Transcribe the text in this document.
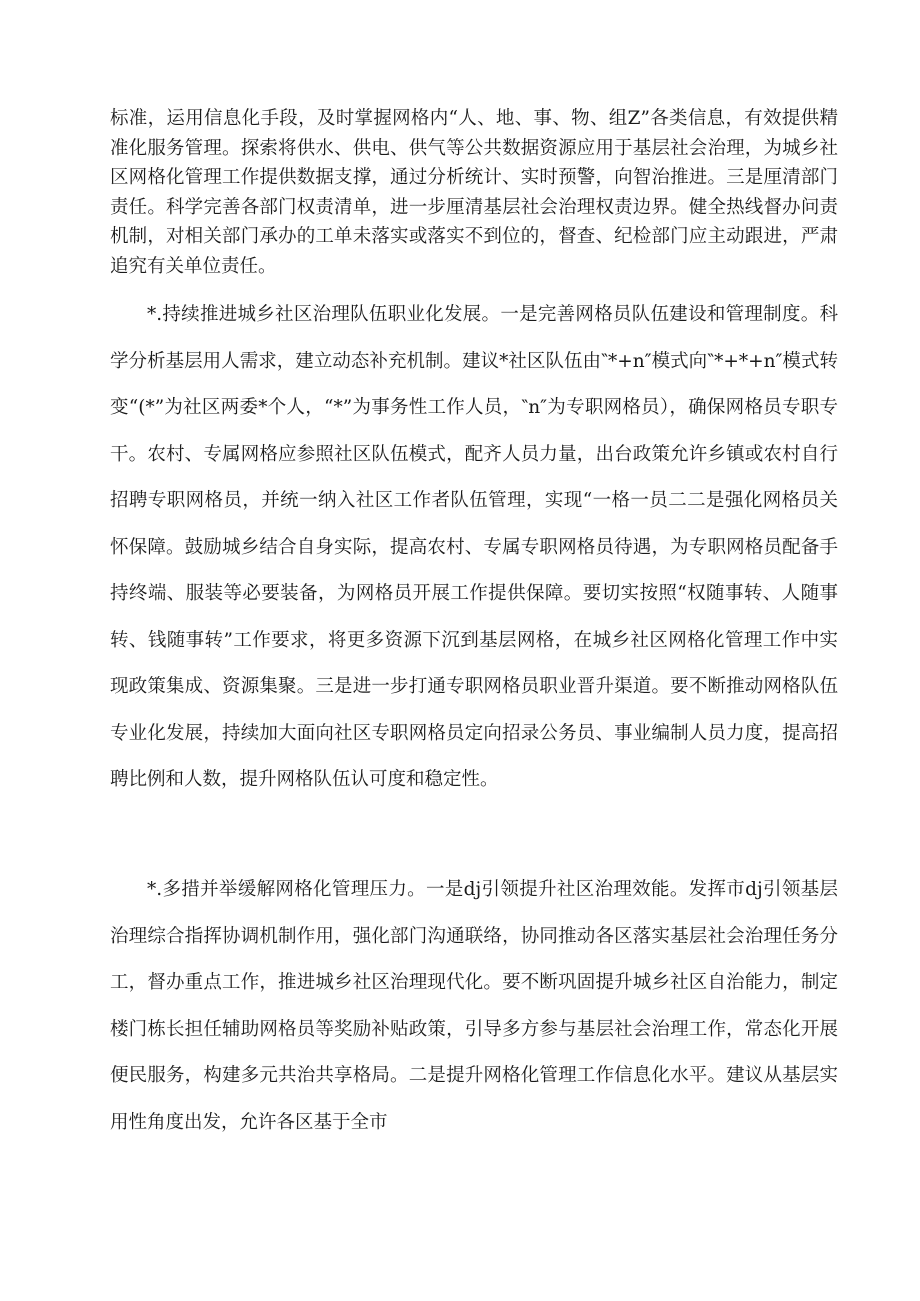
标准，运用信息化手段，及时掌握网格内“人、地、事、物、组Z”各类信息，有效提供精准化服务管理。探索将供水、供电、供气等公共数据资源应用于基层社会治理，为城乡社区网格化管理工作提供数据支撑，通过分析统计、实时预警，向智治推进。三是厘清部门责任。科学完善各部门权责清单，进一步厘清基层社会治理权责边界。健全热线督办问责机制，对相关部门承办的工单未落实或落实不到位的，督查、纪检部门应主动跟进，严肃追究有关单位责任。

*.持续推进城乡社区治理队伍职业化发展。一是完善网格员队伍建设和管理制度。科学分析基层用人需求，建立动态补充机制。建议*社区队伍由‶*+n″模式向‶*+*+n″模式转变“(*”为社区两委*个人，“*”为事务性工作人员，‶n″为专职网格员），确保网格员专职专干。农村、专属网格应参照社区队伍模式，配齐人员力量，出台政策允许乡镇或农村自行招聘专职网格员，并统一纳入社区工作者队伍管理，实现“一格一员二二是强化网格员关怀保障。鼓励城乡结合自身实际，提高农村、专属专职网格员待遇，为专职网格员配备手持终端、服装等必要装备，为网格员开展工作提供保障。要切实按照“权随事转、人随事转、钱随事转”工作要求，将更多资源下沉到基层网格，在城乡社区网格化管理工作中实现政策集成、资源集聚。三是进一步打通专职网格员职业晋升渠道。要不断推动网格队伍专业化发展，持续加大面向社区专职网格员定向招录公务员、事业编制人员力度，提高招聘比例和人数，提升网格队伍认可度和稳定性。

*.多措并举缓解网格化管理压力。一是dj引领提升社区治理效能。发挥市dj引领基层治理综合指挥协调机制作用，强化部门沟通联络，协同推动各区落实基层社会治理任务分工，督办重点工作，推进城乡社区治理现代化。要不断巩固提升城乡社区自治能力，制定楼门栋长担任辅助网格员等奖励补贴政策，引导多方参与基层社会治理工作，常态化开展便民服务，构建多元共治共享格局。二是提升网格化管理工作信息化水平。建议从基层实用性角度出发，允许各区基于全市
